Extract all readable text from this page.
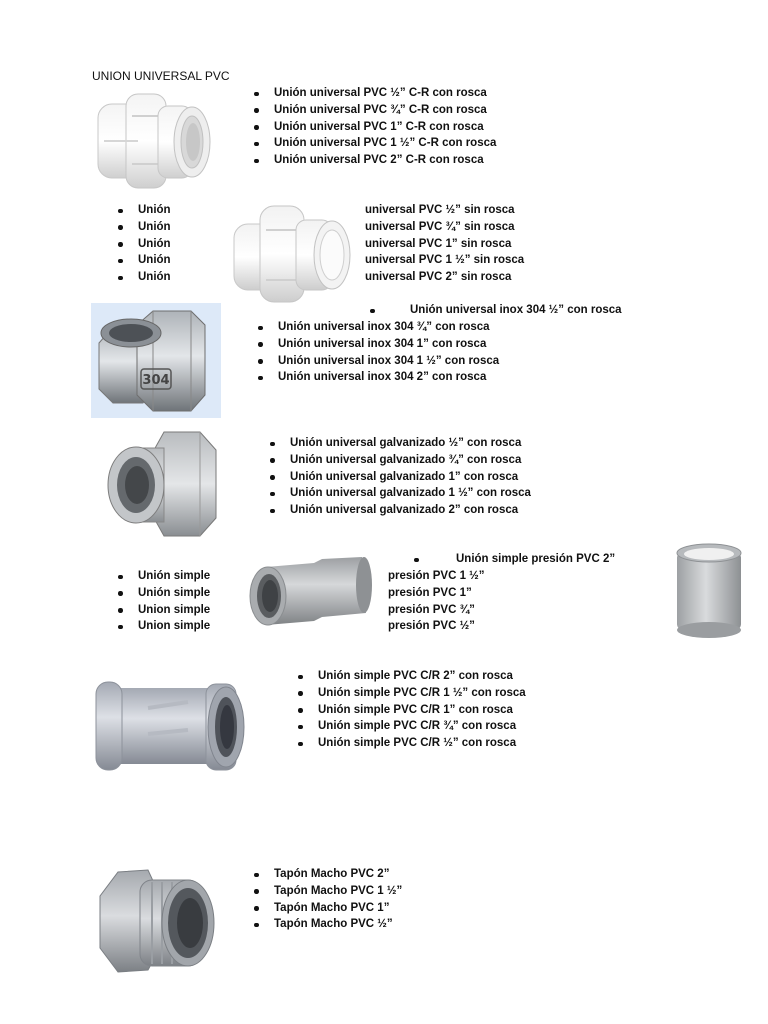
UNION UNIVERSAL PVC
Unión universal PVC ½” C-R con rosca
Unión universal PVC ¾” C-R con rosca
Unión universal PVC 1” C-R con rosca
Unión universal PVC 1 ½” C-R con rosca
Unión universal PVC 2” C-R con rosca
Unión
Unión
Unión
Unión
Unión
universal PVC ½” sin rosca
universal PVC ¾” sin rosca
universal PVC 1” sin rosca
universal PVC 1 ½” sin rosca
universal PVC 2” sin rosca
Unión universal inox 304 ½” con rosca
304
Unión universal inox 304 ¾” con rosca
Unión universal inox 304 1” con rosca
Unión universal inox 304 1 ½” con rosca
Unión universal inox 304 2” con rosca
Unión universal galvanizado ½” con rosca
Unión universal galvanizado ¾” con rosca
Unión universal galvanizado 1” con rosca
Unión universal galvanizado 1 ½” con rosca
Unión universal galvanizado 2” con rosca
Unión simple presión PVC 2”
Unión simple
Unión simple
Union simple
Union simple
presión PVC 1 ½”
presión PVC 1”
presión PVC ¾”
presión PVC ½”
Unión simple PVC C/R 2” con rosca
Unión simple PVC C/R 1 ½” con rosca
Unión simple PVC C/R 1” con rosca
Unión simple PVC C/R ¾” con rosca
Unión simple PVC C/R ½” con rosca
Tapón Macho PVC 2”
Tapón Macho PVC 1 ½”
Tapón Macho PVC 1”
Tapón Macho PVC ½”
